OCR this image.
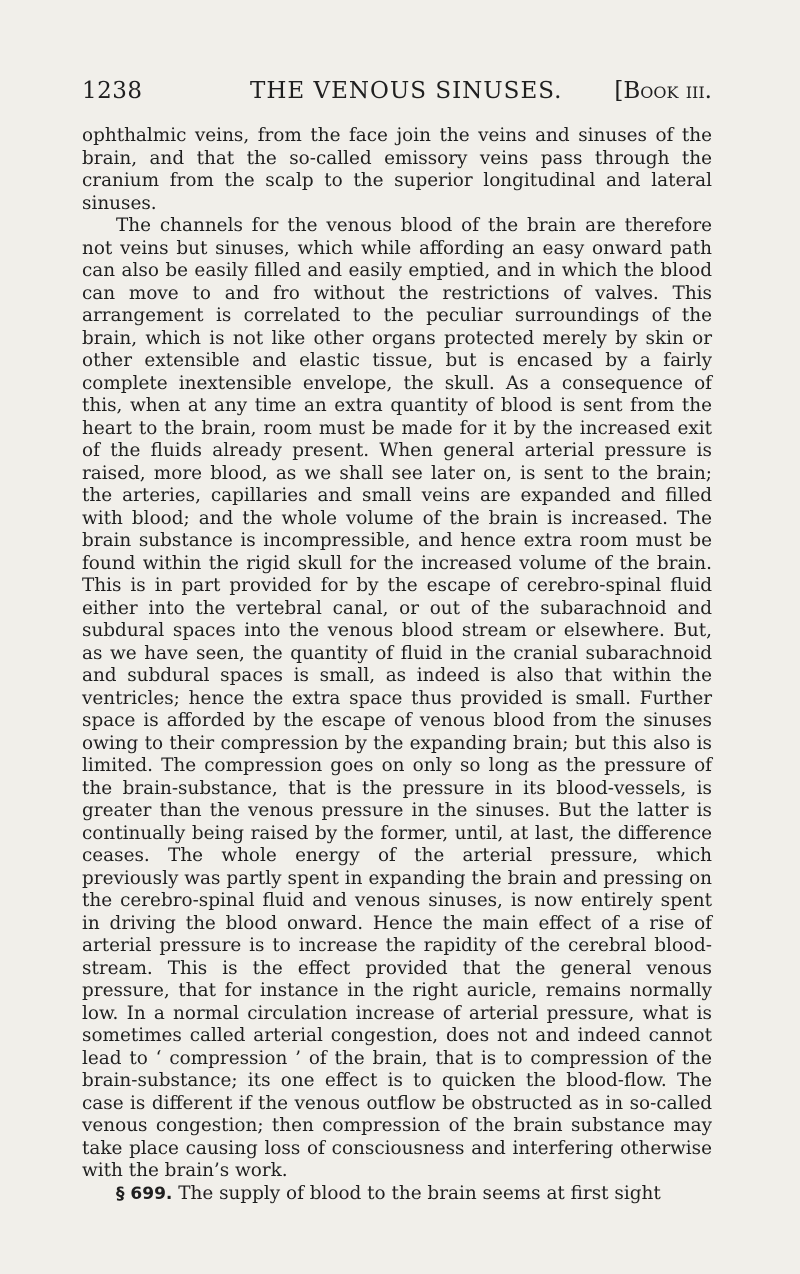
1238	THE VENOUS SINUSES. [Book iii.

ophthalmic veins, from the face join the veins and sinuses of the brain, and that the so-called emissory veins pass through the cranium from the scalp to the superior longitudinal and lateral sinuses.

The channels for the venous blood of the brain are therefore not veins but sinuses, which while affording an easy onward path can also be easily filled and easily emptied, and in which the blood can move to and fro without the restrictions of valves. This arrangement is correlated to the peculiar surroundings of the brain, which is not like other organs protected merely by skin or other extensible and elastic tissue, but is encased by a fairly complete inextensible envelope, the skull. As a consequence of this, when at any time an extra quantity of blood is sent from the heart to the brain, room must be made for it by the increased exit of the fluids already present. When general arterial pressure is raised, more blood, as we shall see later on, is sent to the brain; the arteries, capillaries and small veins are expanded and filled with blood; and the whole volume of the brain is increased. The brain substance is incompressible, and hence extra room must be found within the rigid skull for the increased volume of the brain. This is in part provided for by the escape of cerebro-spinal fluid either into the vertebral canal, or out of the subarachnoid and subdural spaces into the venous blood stream or elsewhere. But, as we have seen, the quantity of fluid in the cranial subarachnoid and subdural spaces is small, as indeed is also that within the ventricles; hence the extra space thus provided is small. Further space is afforded by the escape of venous blood from the sinuses owing to their compression by the expanding brain; but this also is limited. The compression goes on only so long as the pressure of the brain-substance, that is the pressure in its blood-vessels, is greater than the venous pressure in the sinuses. But the latter is continually being raised by the former, until, at last, the difference ceases. The whole energy of the arterial pressure, which previously was partly spent in expanding the brain and pressing on the cerebro-spinal fluid and venous sinuses, is now entirely spent in driving the blood onward. Hence the main effect of a rise of arterial pressure is to increase the rapidity of the cerebral blood-stream. This is the effect provided that the general venous pressure, that for instance in the right auricle, remains normally low. In a normal circulation increase of arterial pressure, what is sometimes called arterial congestion, does not and indeed cannot lead to ‘ compression ’ of the brain, that is to compression of the brain-substance; its one effect is to quicken the blood-flow. The case is different if the venous outflow be obstructed as in so-called venous congestion; then compression of the brain substance may take place causing loss of consciousness and interfering otherwise with the brain’s work.

§ 699. The supply of blood to the brain seems at first sight
